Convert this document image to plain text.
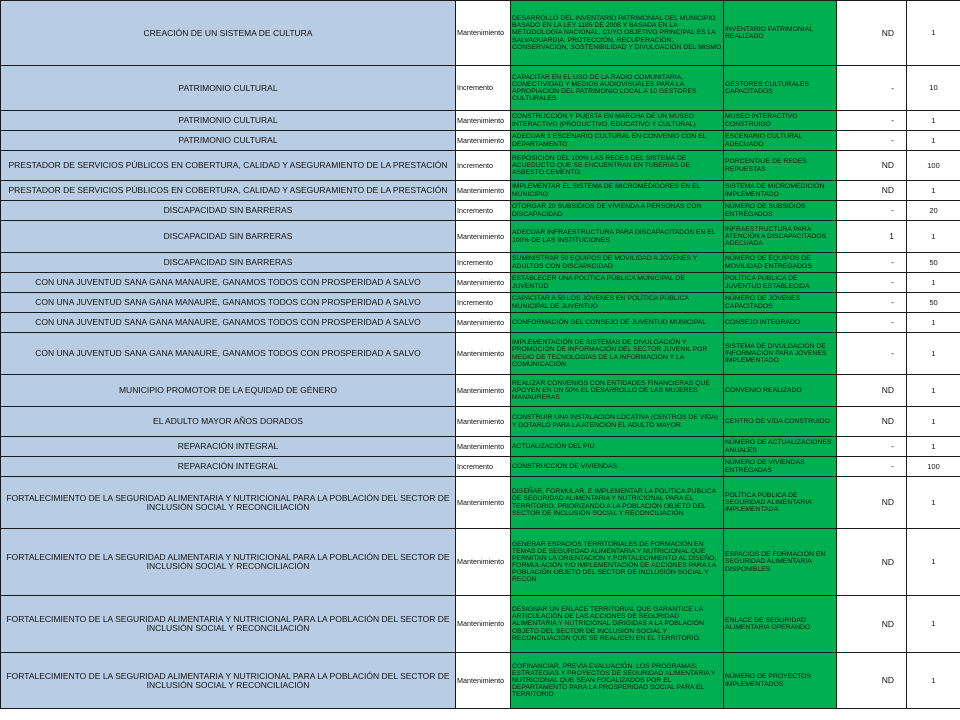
CREACIÓN DE UN SISTEMA DE CULTURA	Mantenimiento	DESARROLLO DEL INVENTARIO PATRIMONIAL DEL MUNICIPIO BASADO EN LA LEY 1185 DE 2008 Y BASADA EN LA METODOLOGÍA NACIONAL, CUYO OBJETIVO PRINCIPAL ES LA SALVAGUARDIA, PROTECCIÓN, RECUPERACIÓN, CONSERVACIÓN, SOSTENIBILIDAD Y DIVULGACIÓN DEL MISMO	INVENTARIO PATRIMONIAL REALIZADO	ND	1
PATRIMONIO CULTURAL	Incremento	CAPACITAR EN EL USO DE LA RADIO COMUNITARIA, CONECTIVIDAD Y MEDIOS AUDIOVISUALES PARA LA APROPIACIÓN DEL PATRIMONIO LOCAL A 10 GESTORES CULTURALES.	GESTORES CULTURALES CAPACITADOS	-	10
PATRIMONIO CULTURAL	Mantenimiento	CONSTRUCCIÓN Y PUESTA EN MARCHA DE UN MUSEO INTERACTIVO (PRODUCTIVO, EDUCATIVO Y CULTURAL)	MUSEO INTERACTIVO CONSTRUIDO	-	1
PATRIMONIO CULTURAL	Mantenimiento	ADECUAR 1 ESCENARIO CULTURAL EN CONVENIO CON EL DEPARTAMENTO	ESCENARIO CULTURAL ADECUADO	-	1
PRESTADOR DE SERVICIOS PÚBLICOS EN COBERTURA, CALIDAD Y ASEGURAMIENTO DE LA PRESTACIÓN	Incremento	REPOSICIÓN DEL 100% LAS REDES DEL SISTEMA DE ACUEDUCTO QUE SE ENCUENTRAN EN TUBERÍAS DE ASBESTO CEMENTO.	PORCENTAJE DE REDES REPUESTAS	ND	100
PRESTADOR DE SERVICIOS PÚBLICOS EN COBERTURA, CALIDAD Y ASEGURAMIENTO DE LA PRESTACIÓN	Mantenimiento	IMPLEMENTAR EL SISTEMA DE MICROMEDIDORES EN EL MUNICIPIO	SISTEMA DE MICROMEDICIÓN IMPLEMENTADO	ND	1
DISCAPACIDAD SIN BARRERAS	Incremento	OTORGAR 20 SUBSIDIOS DE VIVIENDA A PERSONAS CON DISCAPACIDAD	NÚMERO DE SUBSIDIOS ENTREGADOS	-	20
DISCAPACIDAD SIN BARRERAS	Mantenimiento	ADECUAR INFRAESTRUCTURA PARA DISCAPACITADOS EN EL 100% DE LAS INSTITUCIONES	INFRAESTRUCTURA PARA ATENCIÓN A DISCAPACITADOS ADECUADA	1	1
DISCAPACIDAD SIN BARRERAS	Incremento	SUMINISTRAR 50 EQUIPOS DE MOVILIDAD A JÓVENES Y ADULTOS CON DISCAPACIDAD	NÚMERO DE EQUIPOS DE MOVILIDAD ENTREGADOS	-	50
CON UNA JUVENTUD SANA GANA MANAURE, GANAMOS TODOS CON PROSPERIDAD A SALVO	Mantenimiento	ESTABLECER UNA POLÍTICA PÚBLICA MUNICIPAL DE JUVENTUD	POLÍTICA PÚBLICA DE JUVENTUD ESTABLECIDA	-	1
CON UNA JUVENTUD SANA GANA MANAURE, GANAMOS TODOS CON PROSPERIDAD A SALVO	Incremento	CAPACITAR A 50 LOS JÓVENES EN POLÍTICA PÚBLICA MUNICIPAL DE JUVENTUD	NÚMERO DE JÓVENES CAPACITADOS	-	50
CON UNA JUVENTUD SANA GANA MANAURE, GANAMOS TODOS CON PROSPERIDAD A SALVO	Mantenimiento	CONFORMACIÓN DEL CONSEJO DE JUVENTUD MUNICIPAL	CONSEJO INTEGRADO	-	1
CON UNA JUVENTUD SANA GANA MANAURE, GANAMOS TODOS CON PROSPERIDAD A SALVO	Mantenimiento	IMPLEMENTACIÓN DE SISTEMAS DE DIVULGACIÓN Y PROMOCIÓN DE INFORMACIÓN DEL SECTOR JUVENIL POR MEDIO DE TECNOLOGÍAS DE LA INFORMACIÓN Y LA COMUNICACIÓN	SISTEMA DE DIVULGACIÓN DE INFORMACIÓN PARA JÓVENES IMPLEMENTADO	-	1
MUNICIPIO PROMOTOR DE LA EQUIDAD DE GÉNERO	Mantenimiento	REALIZAR CONVENIOS CON ENTIDADES FINANCIERAS QUE APOYEN EN UN 50% EL DESARROLLO DE LAS MUJERES MANAURERAS	CONVENIO REALIZADO	ND	1
EL ADULTO MAYOR AÑOS DORADOS	Mantenimiento	CONSTRUIR UNA INSTALACIÓN LOCATIVA (CENTROS DE VIDA) Y DOTARLO PARA LA ATENCIÓN EL ADULTO MAYOR.	CENTRO DE VIDA CONSTRUIDO	ND	1
REPARACIÓN INTEGRAL	Mantenimiento	ACTUALIZACIÓN DEL PIU	NÚMERO DE ACTUALIZACIONES ANUALES	-	1
REPARACIÓN INTEGRAL	Incremento	CONSTRUCCIÓN DE VIVIENDAS	NÚMERO DE VIVIENDAS ENTREGADAS	-	100
FORTALECIMIENTO DE LA SEGURIDAD ALIMENTARIA Y NUTRICIONAL PARA LA POBLACIÓN DEL SECTOR DE INCLUSIÓN SOCIAL Y RECONCILIACIÓN	Mantenimiento	DISEÑAR, FORMULAR, E IMPLEMENTAR LA POLÍTICA PÚBLICA DE SEGURIDAD ALIMENTARIA Y NUTRICIONAL PARA EL TERRITORIO, PRIORIZANDO A LA POBLACIÓN OBJETO DEL SECTOR DE INCLUSIÓN SOCIAL Y RECONCILIACIÓN	POLÍTICA PÚBLICA DE SEGURIDAD ALIMENTARIA IMPLEMENTADA	ND	1
FORTALECIMIENTO DE LA SEGURIDAD ALIMENTARIA Y NUTRICIONAL PARA LA POBLACIÓN DEL SECTOR DE INCLUSIÓN SOCIAL Y RECONCILIACIÓN	Mantenimiento	GENERAR ESPACIOS TERRITORIALES DE FORMACIÓN EN TEMAS DE SEGURIDAD ALIMENTARIA Y NUTRICIONAL QUE PERMITAN LA ORIENTACIÓN Y FORTALECIMIENTO AL DISEÑO, FORMULACIÓN Y/O IMPLEMENTACIÓN DE ACCIONES PARA LA POBLACIÓN OBJETO DEL SECTOR DE INCLUSIÓN SOCIAL Y RECON	ESPACIOS DE FORMACIÓN EN SEGURIDAD ALIMENTARIA DISPONIBLES	ND	1
FORTALECIMIENTO DE LA SEGURIDAD ALIMENTARIA Y NUTRICIONAL PARA LA POBLACIÓN DEL SECTOR DE INCLUSIÓN SOCIAL Y RECONCILIACIÓN	Mantenimiento	DESIGNAR UN ENLACE TERRITORIAL QUE GARANTICE LA ARTICULACIÓN DE LAS ACCIONES DE SEGURIDAD ALIMENTARIA Y NUTRICIONAL DIRIGIDAS A LA POBLACIÓN OBJETO DEL SECTOR DE INCLUSIÓN SOCIAL Y RECONCILIACIÓN QUE SE REALICEN EN EL TERRITORIO.	ENLACE DE SEGURIDAD ALIMENTARIA OPERANDO	ND	1
FORTALECIMIENTO DE LA SEGURIDAD ALIMENTARIA Y NUTRICIONAL PARA LA POBLACIÓN DEL SECTOR DE INCLUSIÓN SOCIAL Y RECONCILIACIÓN	Mantenimiento	COFINANCIAR, PREVIA EVALUACIÓN, LOS PROGRAMAS, ESTRATEGIAS Y PROYECTOS DE SEGURIDAD ALIMENTARIA Y NUTRICIONAL QUE SEAN FOCALIZADOS POR EL DEPARTAMENTO PARA LA PROSPERIDAD SOCIAL PARA EL TERRITORIO	NÚMERO DE PROYECTOS IMPLEMENTADOS	ND	1
